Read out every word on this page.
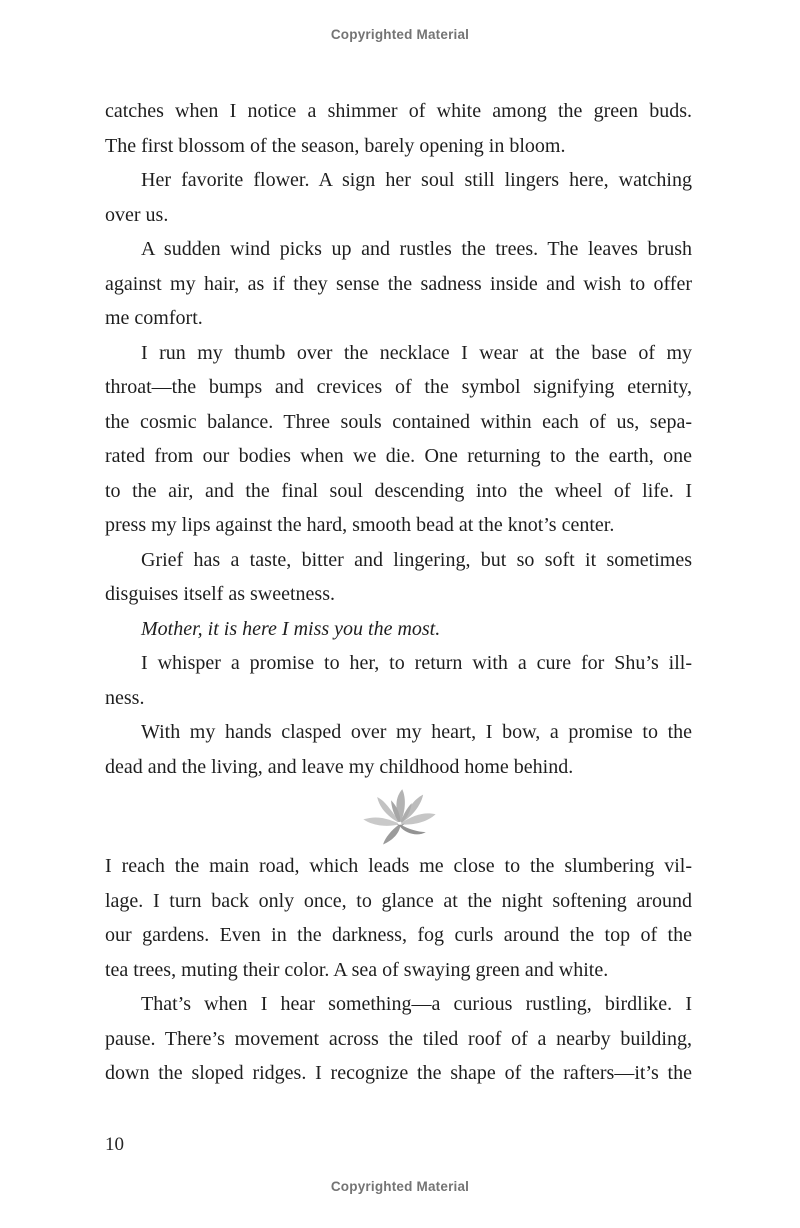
Copyrighted Material
catches when I notice a shimmer of white among the green buds.
The first blossom of the season, barely opening in bloom.
Her favorite flower. A sign her soul still lingers here, watching
over us.
A sudden wind picks up and rustles the trees. The leaves brush
against my hair, as if they sense the sadness inside and wish to offer
me comfort.
I run my thumb over the necklace I wear at the base of my
throat—the bumps and crevices of the symbol signifying eternity,
the cosmic balance. Three souls contained within each of us, sepa-
rated from our bodies when we die. One returning to the earth, one
to the air, and the final soul descending into the wheel of life. I
press my lips against the hard, smooth bead at the knot’s center.
Grief has a taste, bitter and lingering, but so soft it sometimes
disguises itself as sweetness.
Mother, it is here I miss you the most.
I whisper a promise to her, to return with a cure for Shu’s ill-
ness.
With my hands clasped over my heart, I bow, a promise to the
dead and the living, and leave my childhood home behind.
I reach the main road, which leads me close to the slumbering vil-
lage. I turn back only once, to glance at the night softening around
our gardens. Even in the darkness, fog curls around the top of the
tea trees, muting their color. A sea of swaying green and white.
That’s when I hear something—a curious rustling, birdlike. I
pause. There’s movement across the tiled roof of a nearby building,
down the sloped ridges. I recognize the shape of the rafters—it’s the
10
Copyrighted Material
